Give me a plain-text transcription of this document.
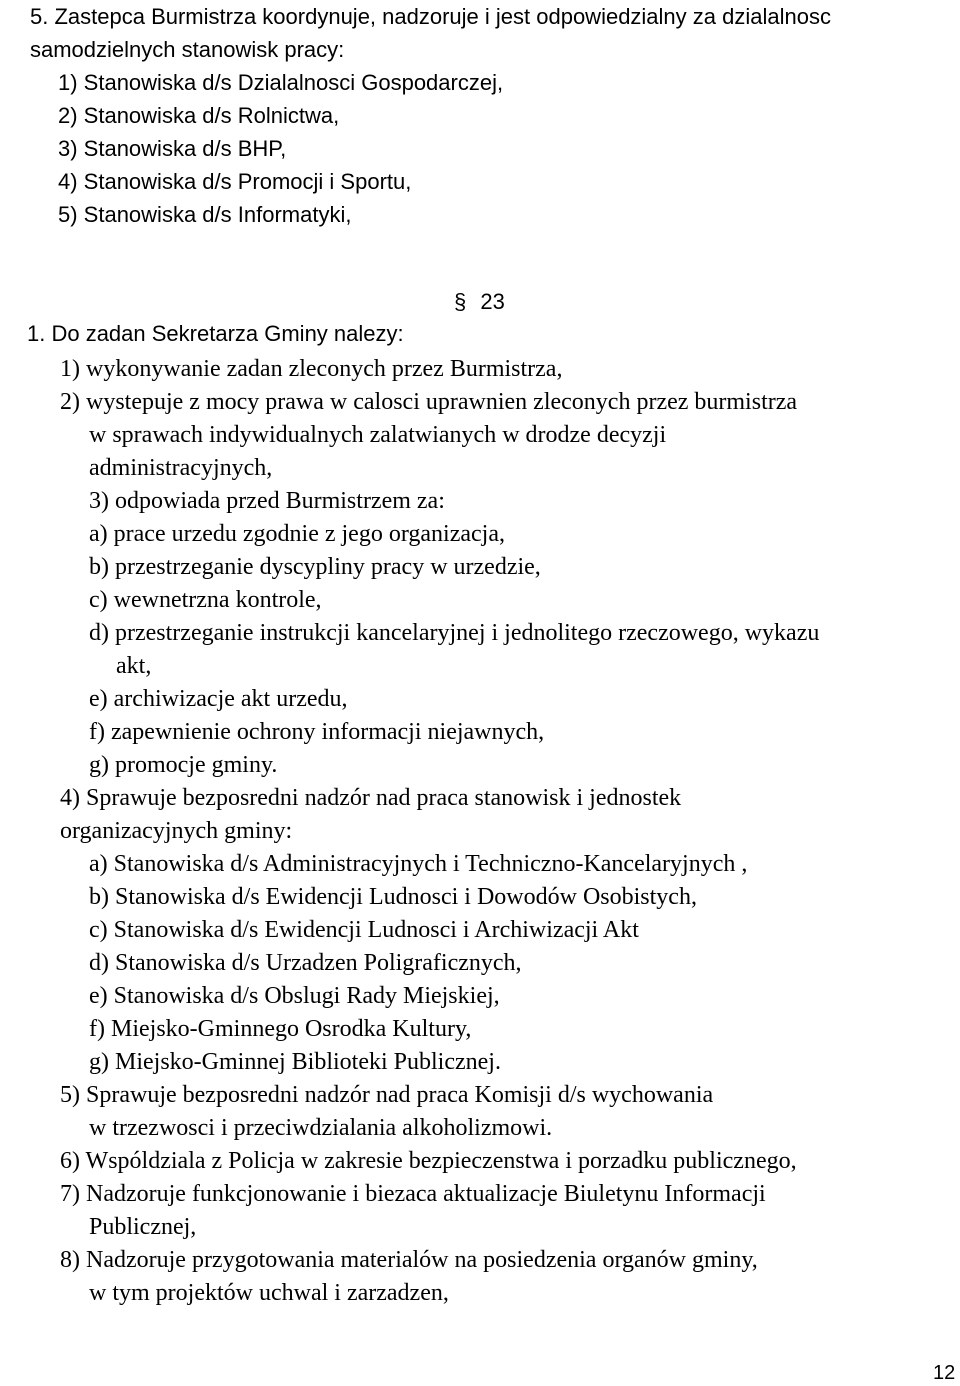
5. Zastepca Burmistrza koordynuje, nadzoruje i jest odpowiedzialny za dzialalnosc
samodzielnych stanowisk pracy:
1) Stanowiska d/s Dzialalnosci Gospodarczej,
2) Stanowiska d/s Rolnictwa,
3) Stanowiska d/s BHP,
4) Stanowiska d/s Promocji i Sportu,
5) Stanowiska d/s Informatyki,
§ 23
1. Do zadan Sekretarza Gminy nalezy:
1) wykonywanie zadan zleconych przez Burmistrza,
2) wystepuje z mocy prawa w calosci uprawnien zleconych przez burmistrza
w sprawach indywidualnych zalatwianych w drodze decyzji
administracyjnych,
3) odpowiada przed Burmistrzem za:
a) prace urzedu zgodnie z jego organizacja,
b) przestrzeganie dyscypliny pracy w urzedzie,
c) wewnetrzna kontrole,
d) przestrzeganie instrukcji kancelaryjnej i jednolitego rzeczowego, wykazu
akt,
e) archiwizacje akt urzedu,
f) zapewnienie ochrony informacji niejawnych,
g) promocje gminy.
4) Sprawuje bezposredni nadzór nad praca stanowisk i jednostek
organizacyjnych gminy:
a) Stanowiska d/s Administracyjnych i Techniczno-Kancelaryjnych ,
b) Stanowiska d/s Ewidencji Ludnosci i Dowodów Osobistych,
c) Stanowiska d/s Ewidencji Ludnosci i Archiwizacji Akt
d) Stanowiska d/s Urzadzen Poligraficznych,
e) Stanowiska d/s Obslugi Rady Miejskiej,
f) Miejsko-Gminnego Osrodka Kultury,
g) Miejsko-Gminnej Biblioteki Publicznej.
5) Sprawuje bezposredni nadzór nad praca Komisji d/s wychowania
w trzezwosci i przeciwdzialania alkoholizmowi.
6) Wspóldziala z Policja w zakresie bezpieczenstwa i porzadku publicznego,
7) Nadzoruje funkcjonowanie i biezaca aktualizacje Biuletynu Informacji
Publicznej,
8) Nadzoruje przygotowania materialów na posiedzenia organów gminy,
w tym projektów uchwal i zarzadzen,
12
